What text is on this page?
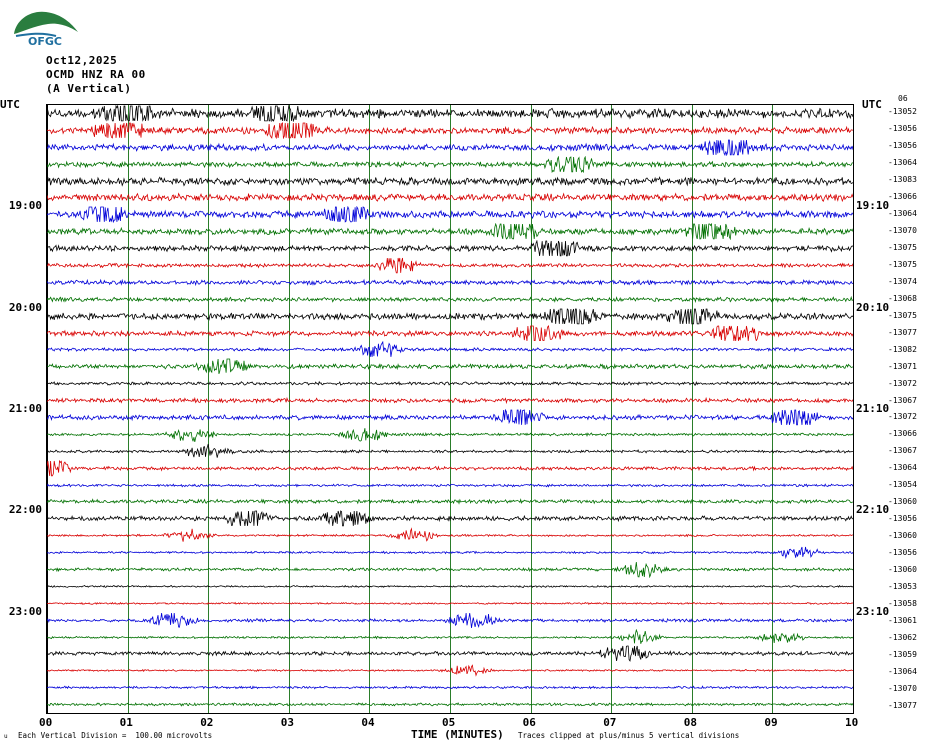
OFGC
Oct12,2025
OCMD HNZ RA 00
(A Vertical)
UTC	UTC 06
00	01	02	03	04	05	06	07	08	09	10
TIME (MINUTES)
u Each Vertical Division =  100.00 microvolts	Traces clipped at plus/minus 5 vertical divisions
-13052
-13056
-13056
-13064
-13083
-13066
-13064
-13070
-13075
-13075
-13074
-13068
-13075
-13077
-13082
-13071
-13072
-13067
-13072
-13066
-13067
-13064
-13054
-13060
-13056
-13060
-13056
-13060
-13053
-13058
-13061
-13062
-13059
-13064
-13070
-13077
19:00	19:10
20:00	20:10
21:00	21:10
22:00	22:10
23:00	23:10
